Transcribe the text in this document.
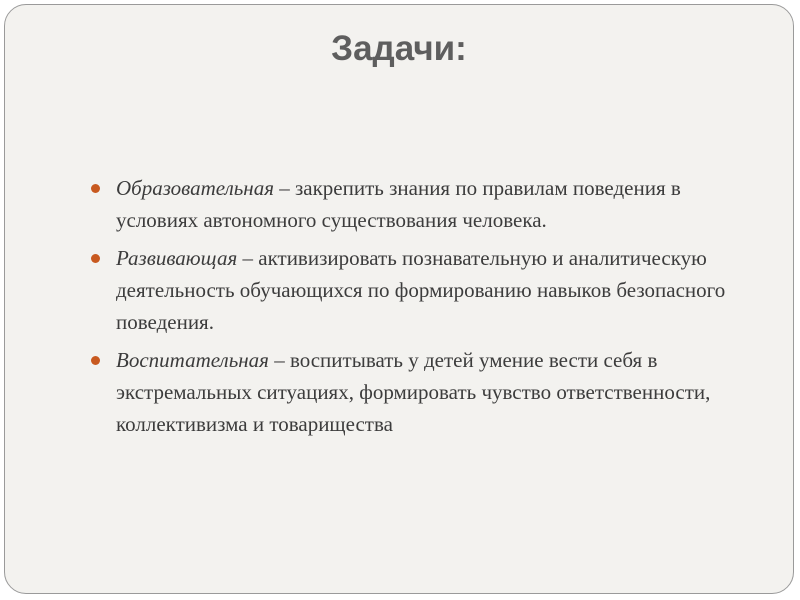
Задачи:
Образовательная – закрепить знания по правилам поведения в условиях автономного существования человека.
Развивающая – активизировать познавательную и аналитическую деятельность обучающихся по формированию навыков безопасного поведения.
Воспитательная – воспитывать у детей умение вести себя в экстремальных ситуациях, формировать чувство ответственности, коллективизма и товарищества
